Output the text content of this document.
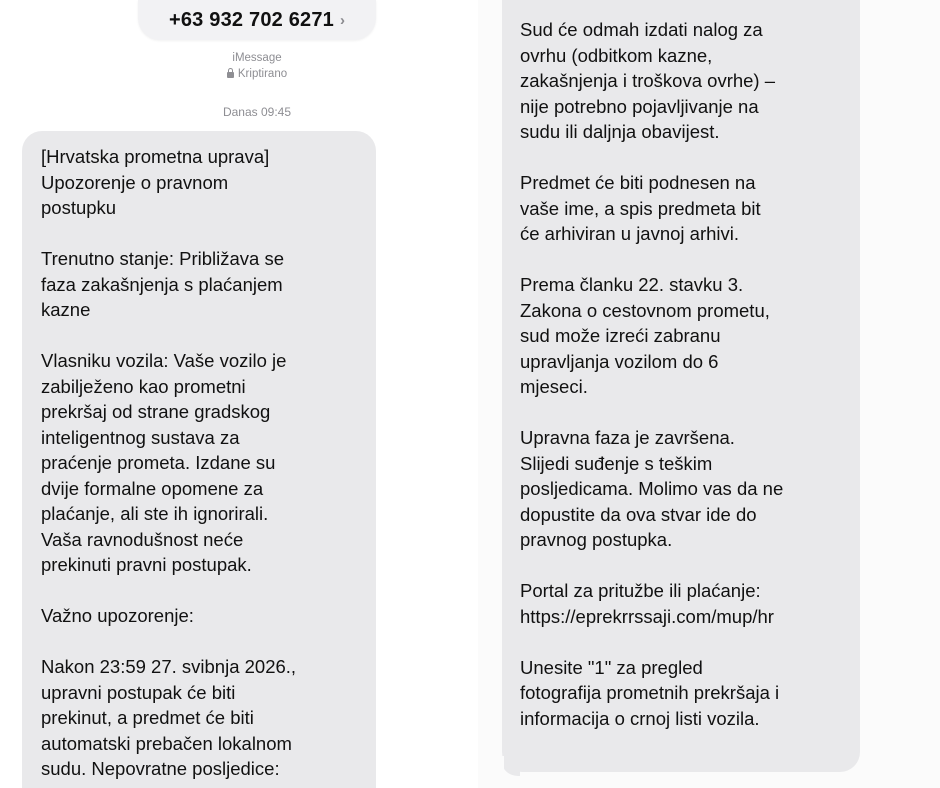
+63 932 702 6271 ›
iMessage
Kriptirano
Danas 09:45
[Hrvatska prometna uprava]
Upozorenje o pravnom
postupku

Trenutno stanje: Približava se
faza zakašnjenja s plaćanjem
kazne

Vlasniku vozila: Vaše vozilo je
zabilježeno kao prometni
prekršaj od strane gradskog
inteligentnog sustava za
praćenje prometa. Izdane su
dvije formalne opomene za
plaćanje, ali ste ih ignorirali.
Vaša ravnodušnost neće
prekinuti pravni postupak.

Važno upozorenje:

Nakon 23:59 27. svibnja 2026.,
upravni postupak će biti
prekinut, a predmet će biti
automatski prebačen lokalnom
sudu. Nepovratne posljedice:
Sud će odmah izdati nalog za
ovrhu (odbitkom kazne,
zakašnjenja i troškova ovrhe) –
nije potrebno pojavljivanje na
sudu ili daljnja obavijest.

Predmet će biti podnesen na
vaše ime, a spis predmeta bit
će arhiviran u javnoj arhivi.

Prema članku 22. stavku 3.
Zakona o cestovnom prometu,
sud može izreći zabranu
upravljanja vozilom do 6
mjeseci.

Upravna faza je završena.
Slijedi suđenje s teškim
posljedicama. Molimo vas da ne
dopustite da ova stvar ide do
pravnog postupka.

Portal za pritužbe ili plaćanje:
https://eprekrrssaji.com/mup/hr

Unesite "1" za pregled
fotografija prometnih prekršaja i
informacija o crnoj listi vozila.
